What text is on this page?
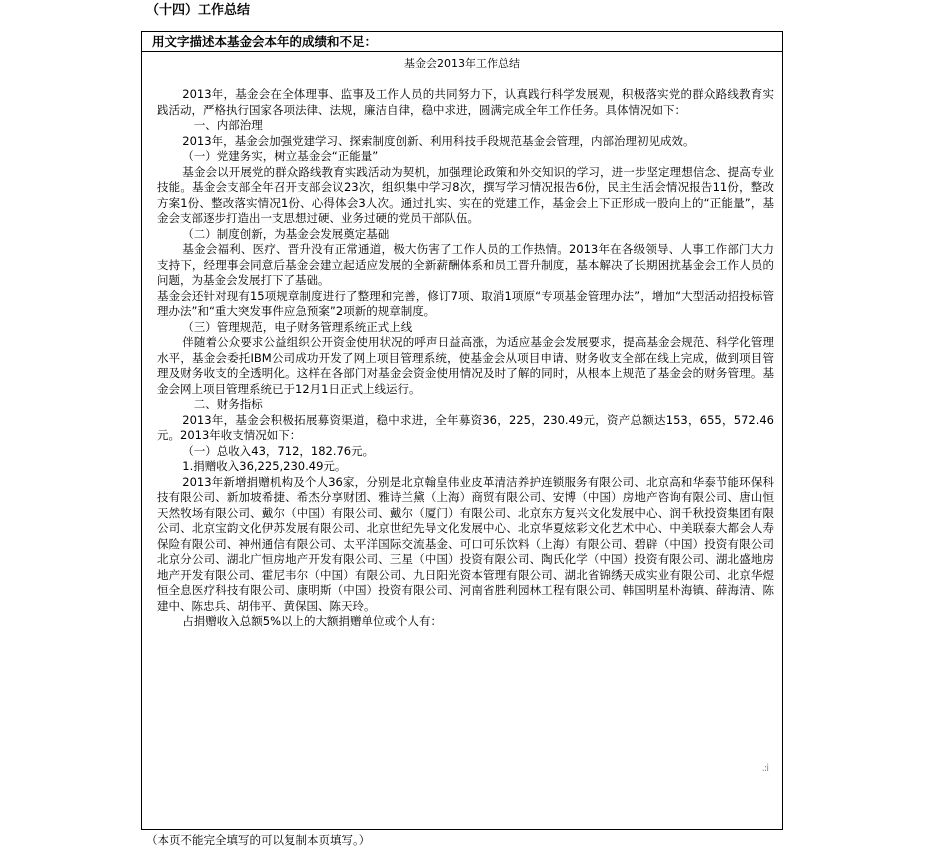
（十四）工作总结
用文字描述本基金会本年的成绩和不足：
基金会2013年工作总结

2013年，基金会在全体理事、监事及工作人员的共同努力下，认真践行科学发展观，积极落实党的群众路线教育实践活动，严格执行国家各项法律、法规，廉洁自律，稳中求进，圆满完成全年工作任务。具体情况如下：

一、内部治理

2013年，基金会加强党建学习、探索制度创新、利用科技手段规范基金会管理，内部治理初见成效。

（一）党建务实，树立基金会“正能量”

基金会以开展党的群众路线教育实践活动为契机，加强理论政策和外交知识的学习，进一步坚定理想信念、提高专业技能。基金会支部全年召开支部会议23次，组织集中学习8次，撰写学习情况报告6份，民主生活会情况报告11份，整改方案1份、整改落实情况1份、心得体会3人次。通过扎实、实在的党建工作，基金会上下正形成一股向上的“正能量”，基金会支部逐步打造出一支思想过硬、业务过硬的党员干部队伍。

（二）制度创新，为基金会发展奠定基础

基金会福利、医疗、晋升没有正常通道，极大伤害了工作人员的工作热情。2013年在各级领导、人事工作部门大力支持下，经理事会同意后基金会建立起适应发展的全新薪酬体系和员工晋升制度，基本解决了长期困扰基金会工作人员的问题，为基金会发展打下了基础。

基金会还针对现有15项规章制度进行了整理和完善，修订7项、取消1项原“专项基金管理办法”，增加“大型活动招投标管理办法”和“重大突发事件应急预案”2项新的规章制度。

（三）管理规范，电子财务管理系统正式上线

伴随着公众要求公益组织公开资金使用状况的呼声日益高涨，为适应基金会发展要求，提高基金会规范、科学化管理水平，基金会委托IBM公司成功开发了网上项目管理系统，使基金会从项目申请、财务收支全部在线上完成，做到项目管理及财务收支的全透明化。这样在各部门对基金会资金使用情况及时了解的同时，从根本上规范了基金会的财务管理。基金会网上项目管理系统已于12月1日正式上线运行。

二、财务指标

2013年，基金会积极拓展募资渠道，稳中求进，全年募资36，225，230.49元，资产总额达153，655，572.46元。2013年收支情况如下：

（一）总收入43，712，182.76元。

1.捐赠收入36,225,230.49元。

2013年新增捐赠机构及个人36家，分别是北京翰皇伟业皮革清洁养护连锁服务有限公司、北京高和华泰节能环保科技有限公司、新加坡希捷、希杰分享财团、雅诗兰黛（上海）商贸有限公司、安博（中国）房地产咨询有限公司、唐山恒天然牧场有限公司、戴尔（中国）有限公司、戴尔（厦门）有限公司、北京东方复兴文化发展中心、润千秋投资集团有限公司、北京宝韵文化伊苏发展有限公司、北京世纪先导文化发展中心、北京华夏炫彩文化艺术中心、中美联泰大都会人寿保险有限公司、神州通信有限公司、太平洋国际交流基金、可口可乐饮料（上海）有限公司、碧辟（中国）投资有限公司北京分公司、湖北广恒房地产开发有限公司、三星（中国）投资有限公司、陶氏化学（中国）投资有限公司、湖北盛地房地产开发有限公司、霍尼韦尔（中国）有限公司、九日阳光资本管理有限公司、湖北省锦绣天成实业有限公司、北京华煜恒全息医疗科技有限公司、康明斯（中国）投资有限公司、河南省胜利园林工程有限公司、韩国明星朴海镇、薛海清、陈建中、陈忠兵、胡伟平、黄保国、陈天玲。

占捐赠收入总额5%以上的大额捐赠单位或个人有：

.:i
（本页不能完全填写的可以复制本页填写。）
